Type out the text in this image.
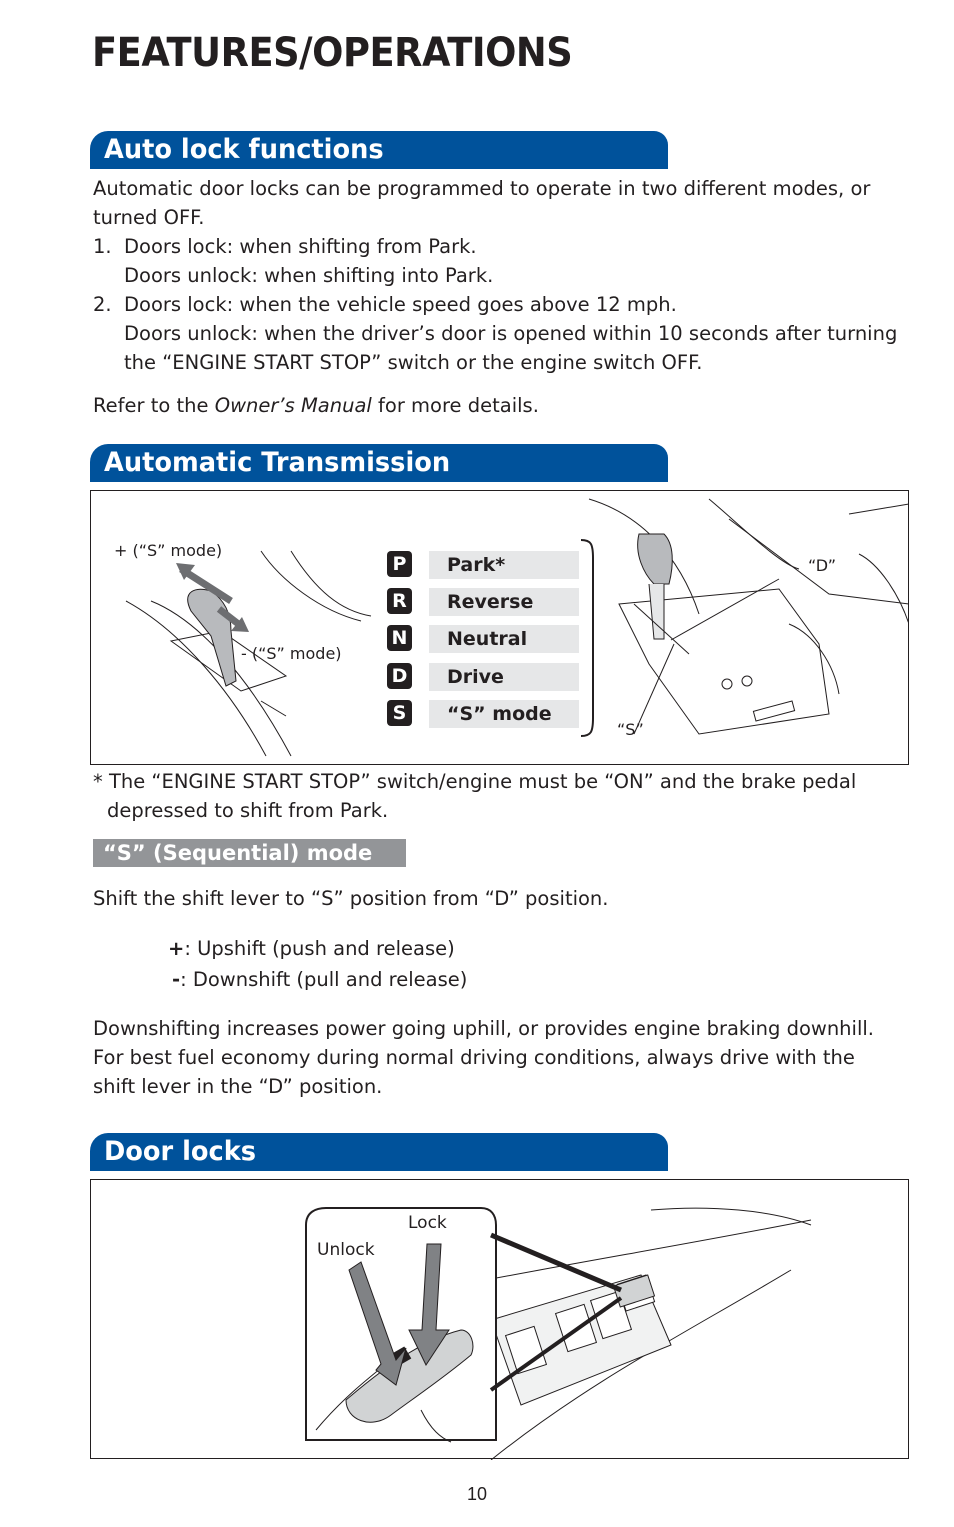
FEATURES/OPERATIONS
Auto lock functions

Automatic door locks can be programmed to operate in two different modes, or turned OFF.

1. Doors lock: when shifting from Park.
Doors unlock: when shifting into Park.
2. Doors lock: when the vehicle speed goes above 12 mph.
Doors unlock: when the driver’s door is opened within 10 seconds after turning the “ENGINE START STOP” switch or the engine switch OFF.

Refer to the Owner’s Manual for more details.

Automatic Transmission
+ (“S” mode)
- (“S” mode)
“D”
“S”
P	Park*
R	Reverse
N	Neutral
D	Drive
S	“S” mode
* The “ENGINE START STOP” switch/engine must be “ON” and the brake pedal depressed to shift from Park.
“S” (Sequential) mode
Shift the shift lever to “S” position from “D” position.
+: Upshift (push and release)
-: Downshift (pull and release)
Downshifting increases power going uphill, or provides engine braking downhill. For best fuel economy during normal driving conditions, always drive with the shift lever in the “D” position.
Door locks
Lock
Unlock
10
